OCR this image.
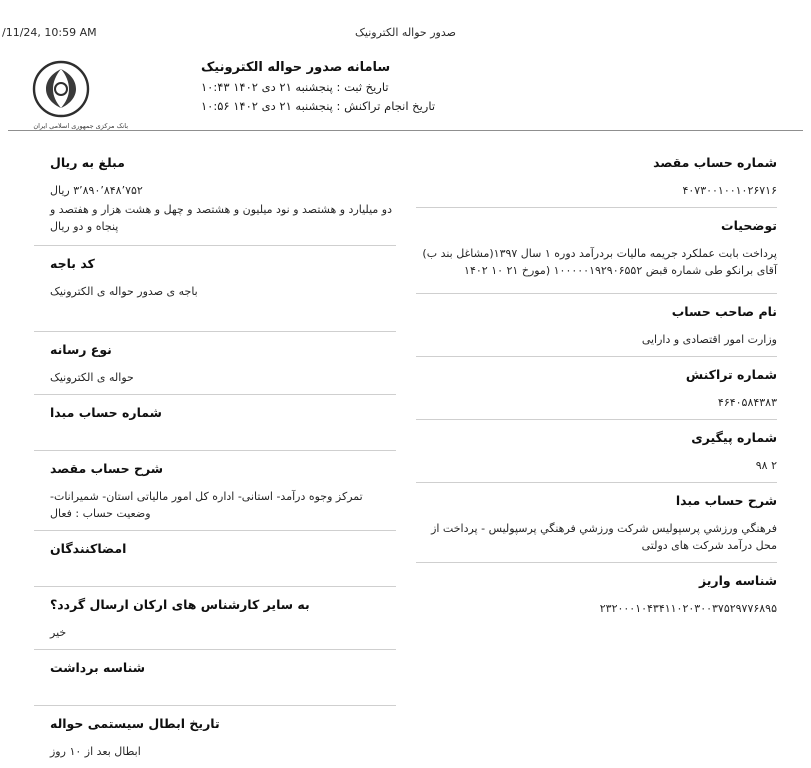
/11/24, 10:59 AM	صدور حواله الکترونیک
بانک مرکزی جمهوری اسلامی ایران
سامانه صدور حواله الکترونیک
تاریخ ثبت : پنجشنبه ۲۱ دی ۱۴۰۲ ۱۰:۴۳
تاریخ انجام تراکنش : پنجشنبه ۲۱ دی ۱۴۰۲ ۱۰:۵۶
شماره حساب مقصد
۴۰۷۳۰۰۱۰۰۱۰۲۶۷۱۶
توضحیات
پرداخت بابت عملکرد جریمه مالیات بردرآمد دوره ۱ سال ۱۳۹۷(مشاغل بند ب) آقای برانکو طی شماره قبض ۱۰۰۰۰۰۱۹۲۹۰۶۵۵۲ (مورخ ۲۱ ۱۰ ۱۴۰۲
نام صاحب حساب
وزارت امور اقتصادی و دارایی
شماره تراکنش
۴۶۴۰۵۸۴۳۸۳
شماره پیگیری
۹۸ ۲
شرح حساب مبدا
فرهنگي ورزشي پرسپوليس شرکت ورزشي فرهنگي پرسپوليس - پرداخت از محل درآمد شرکت های دولتی
شناسه واریز
۲۳۲۰۰۰۱۰۴۳۴۱۱۰۲۰۳۰۰۳۷۵۲۹۷۷۶۸۹۵
مبلغ به ریال
۳٬۸۹۰٬۸۴۸٬۷۵۲ ریال
دو میلیارد و هشتصد و نود میلیون و هشتصد و چهل و هشت هزار و هفتصد و پنجاه و دو ریال
کد باجه
باجه ی صدور حواله ی الکترونیک
نوع رسانه
حواله ی الکترونیک
شماره حساب مبدا
شرح حساب مقصد
تمرکز وجوه درآمد- استانی- اداره کل امور مالیاتی استان- شمیرانات- وضعیت حساب : فعال
امضاکنندگان
به سایر کارشناس های ارکان ارسال گردد؟
خیر
شناسه برداشت
تاریخ ابطال سیستمی حواله
ابطال بعد از ۱۰ روز
